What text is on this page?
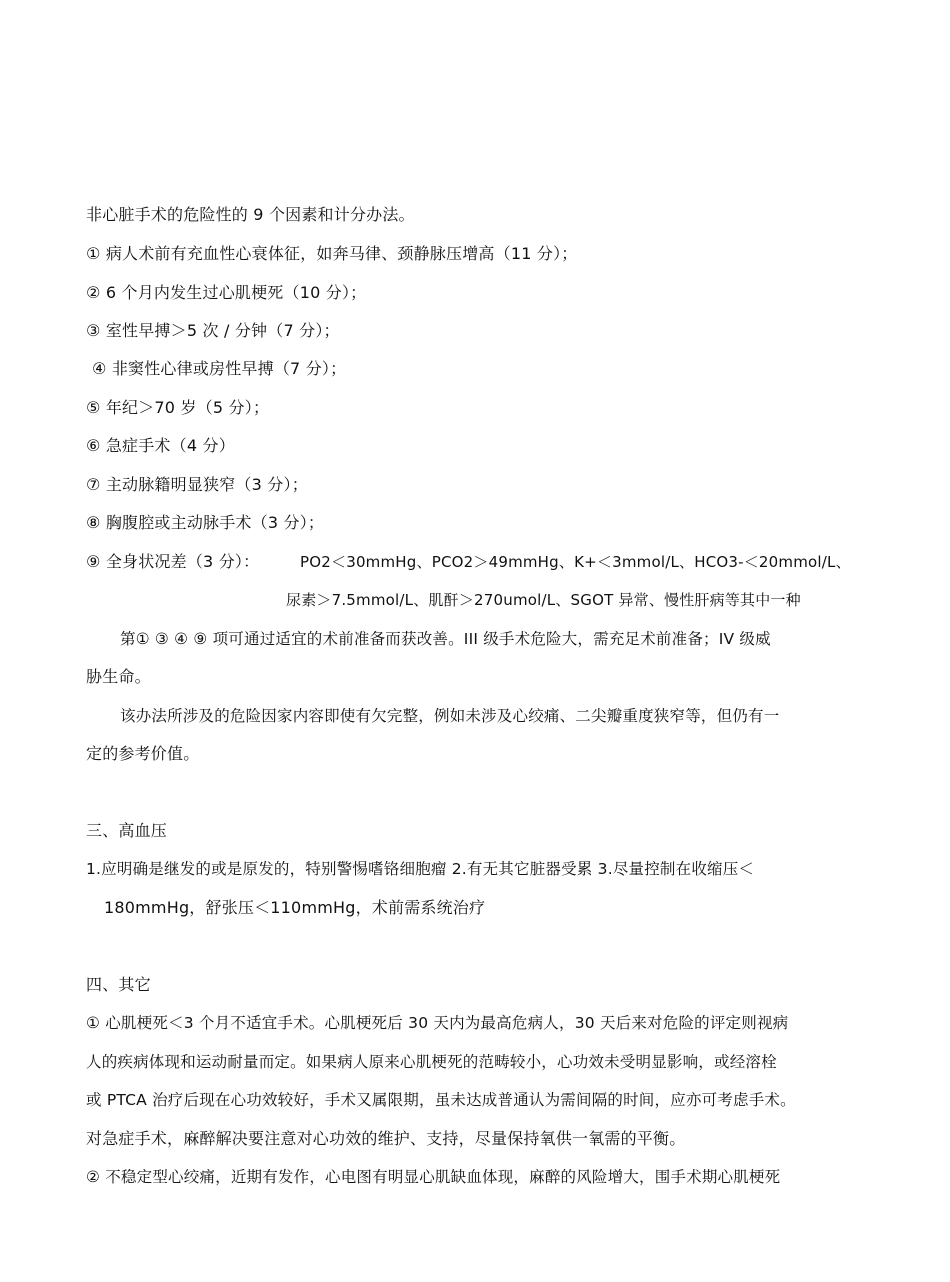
非心脏手术的危险性的 9 个因素和计分办法。
① 病人术前有充血性心衰体征，如奔马律、颈静脉压增高（11 分）；
② 6 个月内发生过心肌梗死（10 分）；
③ 室性早搏＞5 次 / 分钟（7 分）；
④ 非窦性心律或房性早搏（7 分）；
⑤ 年纪＞70 岁（5 分）；
⑥ 急症手术（4 分）
⑦ 主动脉籍明显狭窄（3 分）；
⑧ 胸腹腔或主动脉手术（3 分）；
⑨ 全身状况差（3 分）：	PO2＜30mmHg、PCO2＞49mmHg、K+＜3mmol/L、HCO3-＜20mmol/L、
尿素＞7.5mmol/L、肌酐＞270umol/L、SGOT 异常、慢性肝病等其中一种
第① ③ ④ ⑨ 项可通过适宜的术前准备而获改善。III 级手术危险大，需充足术前准备；IV 级威
胁生命。
该办法所涉及的危险因家内容即使有欠完整，例如未涉及心绞痛、二尖瓣重度狭窄等，但仍有一
定的参考价值。
三、高血压
1.应明确是继发的或是原发的，特别警惕嗜铬细胞瘤 2.有无其它脏器受累 3.尽量控制在收缩压＜
180mmHg，舒张压＜110mmHg，术前需系统治疗
四、其它
① 心肌梗死＜3 个月不适宜手术。心肌梗死后 30 天内为最高危病人，30 天后来对危险的评定则视病
人的疾病体现和运动耐量而定。如果病人原来心肌梗死的范畴较小，心功效未受明显影响，或经溶栓
或 PTCA 治疗后现在心功效较好，手术又属限期，虽未达成普通认为需间隔的时间，应亦可考虑手术。
对急症手术，麻醉解决要注意对心功效的维护、支持，尽量保持氧供一氧需的平衡。
② 不稳定型心绞痛，近期有发作，心电图有明显心肌缺血体现，麻醉的风险增大，围手术期心肌梗死
